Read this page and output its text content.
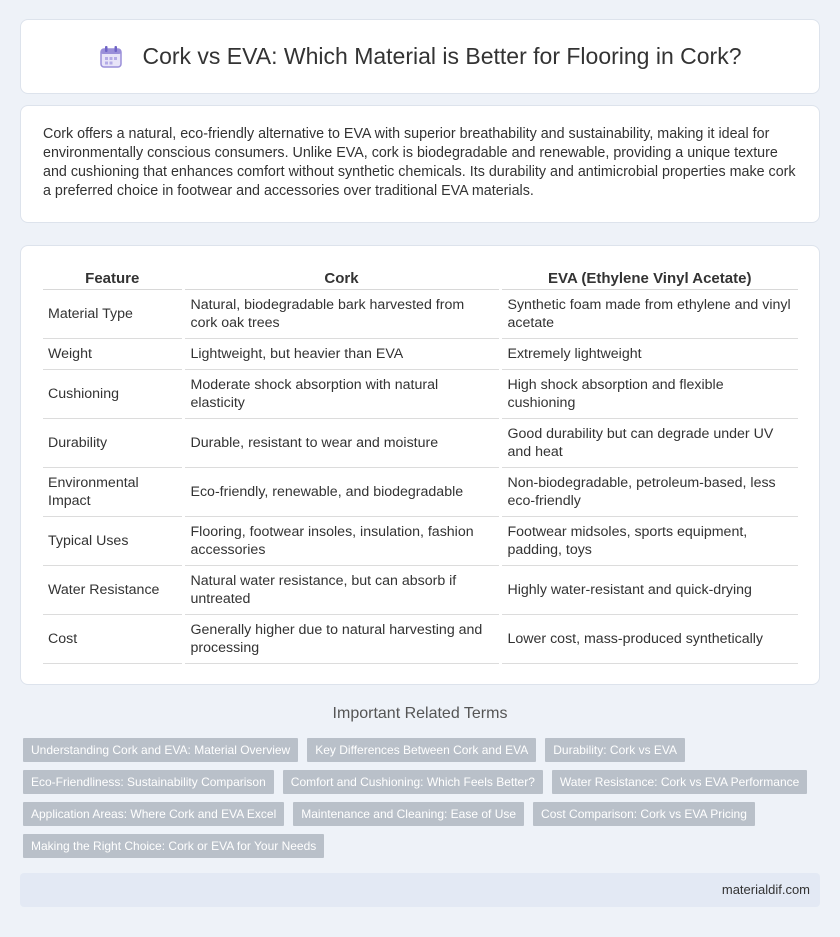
Cork vs EVA: Which Material is Better for Flooring in Cork?

Cork offers a natural, eco-friendly alternative to EVA with superior breathability and sustainability, making it ideal for environmentally conscious consumers. Unlike EVA, cork is biodegradable and renewable, providing a unique texture and cushioning that enhances comfort without synthetic chemicals. Its durability and antimicrobial properties make cork a preferred choice in footwear and accessories over traditional EVA materials.

Feature	Cork	EVA (Ethylene Vinyl Acetate)
Material Type	Natural, biodegradable bark harvested from cork oak trees	Synthetic foam made from ethylene and vinyl acetate
Weight	Lightweight, but heavier than EVA	Extremely lightweight
Cushioning	Moderate shock absorption with natural elasticity	High shock absorption and flexible cushioning
Durability	Durable, resistant to wear and moisture	Good durability but can degrade under UV and heat
Environmental Impact	Eco-friendly, renewable, and biodegradable	Non-biodegradable, petroleum-based, less eco-friendly
Typical Uses	Flooring, footwear insoles, insulation, fashion accessories	Footwear midsoles, sports equipment, padding, toys
Water Resistance	Natural water resistance, but can absorb if untreated	Highly water-resistant and quick-drying
Cost	Generally higher due to natural harvesting and processing	Lower cost, mass-produced synthetically
Important Related Terms
Understanding Cork and EVA: Material Overview	Key Differences Between Cork and EVA	Durability: Cork vs EVA
Eco-Friendliness: Sustainability Comparison	Comfort and Cushioning: Which Feels Better?	Water Resistance: Cork vs EVA Performance
Application Areas: Where Cork and EVA Excel	Maintenance and Cleaning: Ease of Use	Cost Comparison: Cork vs EVA Pricing
Making the Right Choice: Cork or EVA for Your Needs
materialdif.com
